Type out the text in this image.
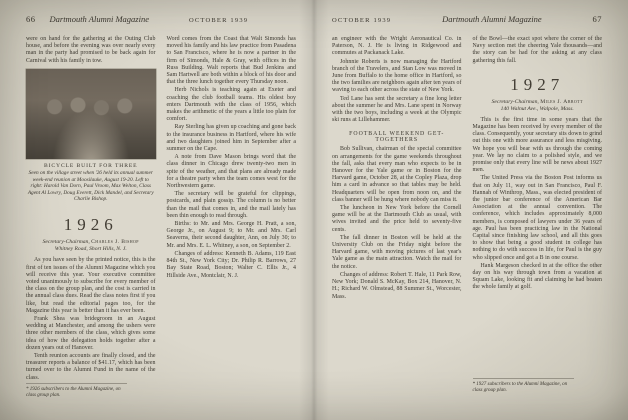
66 Dartmouth Alumni Magazine	OCTOBER 1939

were on hand for the gathering at the Outing Club house, and before the evening was over nearly every man in the party had promised to be back again for Carnival with his family in tow.

BICYCLE BUILT FOR THREE
Seen on the village street when '26 held its annual summer week-end reunion at Moosilauke, August 19-20. Left to right: Harold Van Dorn, Paul Vroom, Max Welton, Class Agent Al Lowry, Doug Everett, Dick Mandel, and Secretary Charlie Bishop.
1926
Secretary-Chairman, Charles J. Bishop
Whitney Road, Short Hills, N. J.

As you have seen by the printed notice, this is the first of ten issues of the Alumni Magazine which you will receive this year. Your executive committee voted unanimously to subscribe for every member of the class on the group plan, and the cost is carried in the annual class dues. Read the class notes first if you like, but read the editorial pages too, for the Magazine this year is better than it has ever been.

Frank Shea was bridegroom in an August wedding at Manchester, and among the ushers were three other members of the class, which gives some idea of how the delegation holds together after a dozen years out of Hanover.

Tenth reunion accounts are finally closed, and the treasurer reports a balance of $41.17, which has been turned over to the Alumni Fund in the name of the class.

* 1926 subscribers to the Alumni Magazine, on class group plan.

Word comes from the Coast that Walt Simonds has moved his family and his law practice from Pasadena to San Francisco, where he is now a partner in the firm of Simonds, Hale & Gray, with offices in the Russ Building. Walt reports that Bud Jenkins and Sam Hartwell are both within a block of his door and that the three lunch together every Thursday noon.

Herb Nichols is teaching again at Exeter and coaching the club football teams. His oldest boy enters Dartmouth with the class of 1956, which makes the arithmetic of the years a little too plain for comfort.

Ray Sterling has given up coaching and gone back to the insurance business in Hartford, where his wife and two daughters joined him in September after a summer on the Cape.

A note from Dave Mason brings word that the class dinner in Chicago drew twenty-two men in spite of the weather, and that plans are already made for a theatre party when the team comes west for the Northwestern game.

The secretary will be grateful for clippings, postcards, and plain gossip. The column is no better than the mail that comes in, and the mail lately has been thin enough to read through.

Births: to Mr. and Mrs. George H. Pratt, a son, George Jr., on August 9; to Mr. and Mrs. Carl Seaverns, their second daughter, Ann, on July 30; to Mr. and Mrs. E. L. Whitney, a son, on September 2.

Changes of address: Kenneth B. Adams, 119 East 84th St., New York City; Dr. Philip R. Barrows, 27 Bay State Road, Boston; Walter C. Ellis Jr., 4 Hillside Ave., Montclair, N. J.

OCTOBER 1939	Dartmouth Alumni Magazine	67

an engineer with the Wright Aeronautical Co. in Paterson, N. J. He is living in Ridgewood and commutes at Packanack Lake.

Johnnie Roberts is now managing the Hartford branch of the Travelers, and Stan Low was moved in June from Buffalo to the home office in Hartford, so the two families are neighbors again after ten years of waving to each other across the state of New York.

Ted Lane has sent the secretary a fine long letter about the summer he and Mrs. Lane spent in Norway with the two boys, including a week at the Olympic ski runs at Lillehammer.

FOOTBALL WEEKEND GET-TOGETHERS

Bob Sullivan, chairman of the special committee on arrangements for the game weekends throughout the fall, asks that every man who expects to be in Hanover for the Yale game or in Boston for the Harvard game, October 28, at the Copley Plaza, drop him a card in advance so that tables may be held. Headquarters will be open from noon on, and the class banner will be hung where nobody can miss it.

The luncheon in New York before the Cornell game will be at the Dartmouth Club as usual, with wives invited and the price held to seventy-five cents.

The fall dinner in Boston will be held at the University Club on the Friday night before the Harvard game, with moving pictures of last year's Yale game as the main attraction. Watch the mail for the notice.

Changes of address: Robert T. Hale, 11 Park Row, New York; Donald S. McKay, Box 214, Hanover, N. H.; Richard W. Olmstead, 88 Summer St., Worcester, Mass.

of the Bowl—the exact spot where the corner of the Navy section met the cheering Yale thousands—and the story can be had for the asking at any class gathering this fall.

1927
Secretary-Chairman, Miles J. Abbott
140 Walnut Ave., Walpole, Mass.

This is the first time in some years that the Magazine has been received by every member of the class. Consequently, your secretary sits down to grind out this one with more assurance and less misgiving. We hope you will bear with us through the coming year. We lay no claim to a polished style, and we promise only that every line will be news about 1927 men.

The United Press via the Boston Post informs us that on July 11, way out in San Francisco, Paul F. Hannah of Winthrop, Mass., was elected president of the junior bar conference of the American Bar Association at the annual convention. The conference, which includes approximately 8,000 members, is composed of lawyers under 36 years of age. Paul has been practicing law in the National Capital since finishing law school, and all this goes to show that being a good student in college has nothing to do with success in life, for Paul is the guy who slipped once and got a B in one course.

Hank Margeson checked in at the office the other day on his way through town from a vacation at Squam Lake, looking fit and claiming he had beaten the whole family at golf.

* 1927 subscribers to the Alumni Magazine, on class group plan.
